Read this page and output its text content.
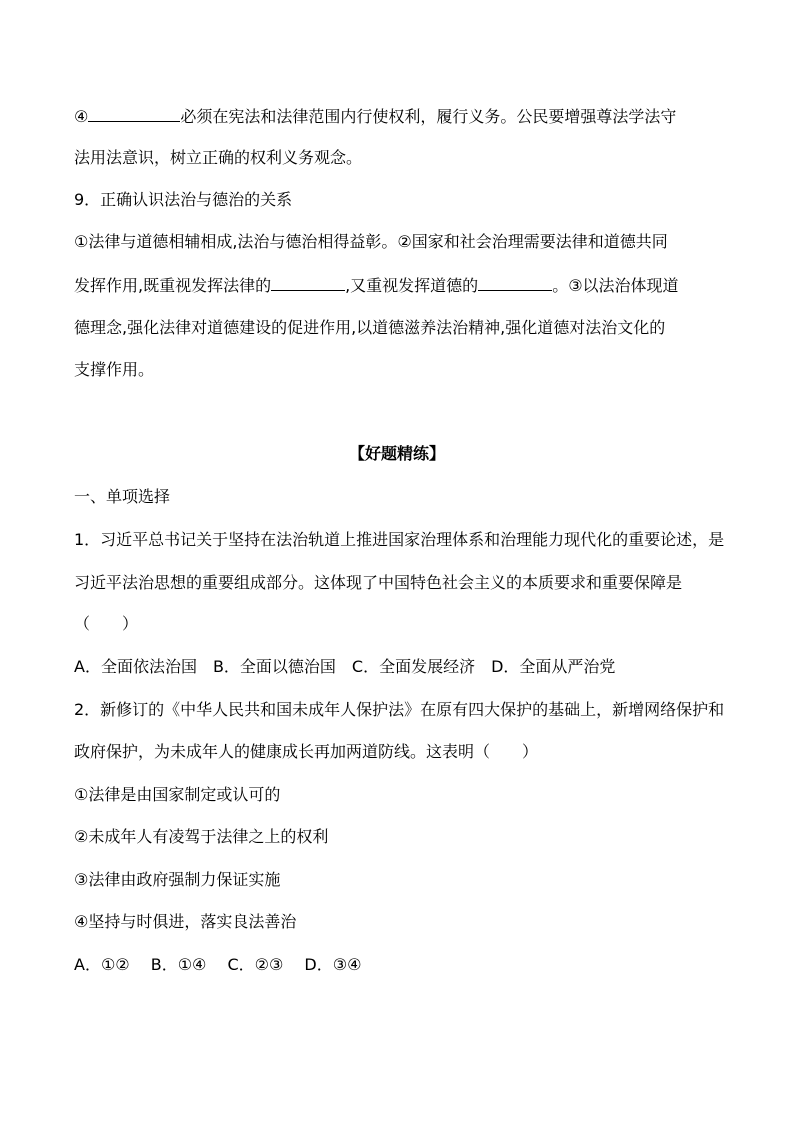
④	必须在宪法和法律范围内行使权利，履行义务。公民要增强尊法学法守
法用法意识，树立正确的权利义务观念。
9．正确认识法治与德治的关系
①法律与道德相辅相成,法治与德治相得益彰。②国家和社会治理需要法律和道德共同
发挥作用,既重视发挥法律的	,又重视发挥道德的	。③以法治体现道
德理念,强化法律对道德建设的促进作用,以道德滋养法治精神,强化道德对法治文化的
支撑作用。
【好题精练】
一、单项选择
1．习近平总书记关于坚持在法治轨道上推进国家治理体系和治理能力现代化的重要论述，是
习近平法治思想的重要组成部分。这体现了中国特色社会主义的本质要求和重要保障是
（　　）
A．全面依法治国　B．全面以德治国　C．全面发展经济　D．全面从严治党
2．新修订的《中华人民共和国未成年人保护法》在原有四大保护的基础上，新增网络保护和
政府保护，为未成年人的健康成长再加两道防线。这表明（　　）
①法律是由国家制定或认可的
②未成年人有凌驾于法律之上的权利
③法律由政府强制力保证实施
④坚持与时俱进，落实良法善治
A．①②　 B．①④　 C．②③　 D．③④
